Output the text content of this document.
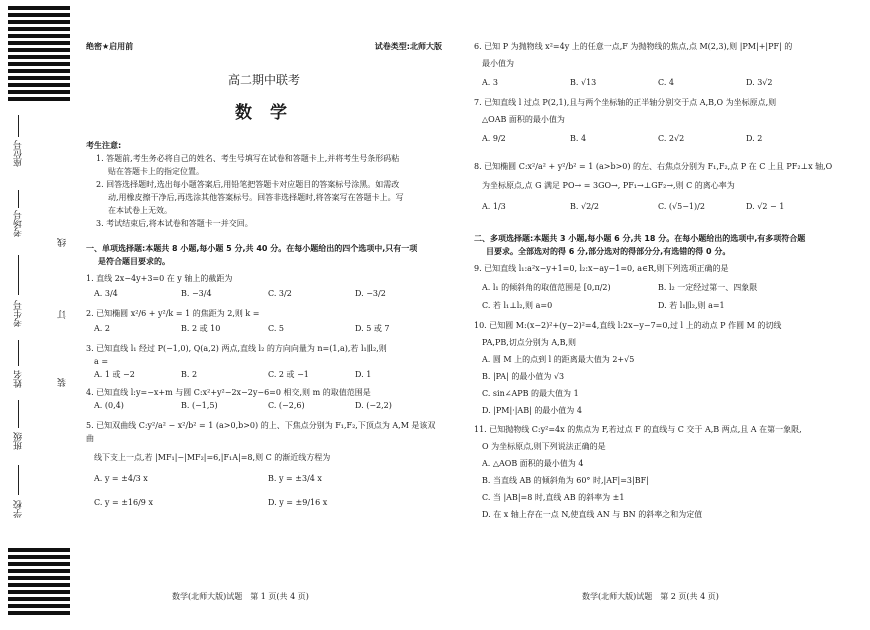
座位号
考场号
考生号
姓名
班级
学校
线
订
装
绝密★启用前	试卷类型:北师大版
高二期中联考
数 学
考生注意:
1. 答题前,考生务必将自己的姓名、考生号填写在试卷和答题卡上,并将考生号条形码粘
贴在答题卡上的指定位置。
2. 回答选择题时,选出每小题答案后,用铅笔把答题卡对应题目的答案标号涂黑。如需改
动,用橡皮擦干净后,再选涂其他答案标号。回答非选择题时,将答案写在答题卡上。写
在本试卷上无效。
3. 考试结束后,将本试卷和答题卡一并交回。
一、单项选择题:本题共 8 小题,每小题 5 分,共 40 分。在每小题给出的四个选项中,只有一项
是符合题目要求的。
1. 直线 2x−4y+3=0 在 y 轴上的截距为
A. 3/4	B. −3/4	C. 3/2	D. −3/2
2. 已知椭圆 x²/6 + y²/k = 1 的焦距为 2,则 k =
A. 2	B. 2 或 10	C. 5	D. 5 或 7
3. 已知直线 l₁ 经过 P(−1,0), Q(a,2) 两点,直线 l₂ 的方向向量为 n=(1,a),若 l₁∥l₂,则
a =
A. 1 或 −2	B. 2	C. 2 或 −1	D. 1
4. 已知直线 l:y=−x+m 与圆 C:x²+y²−2x−2y−6=0 相交,则 m 的取值范围是
A. (0,4)	B. (−1,5)	C. (−2,6)	D. (−2,2)
5. 已知双曲线 C:y²/a² − x²/b² = 1 (a>0,b>0) 的上、下焦点分别为 F₁,F₂,下顶点为 A,M 是该双曲
线下支上一点,若 |MF₁|−|MF₂|=6,|F₁A|=8,则 C 的渐近线方程为
A. y = ±4/3 x	B. y = ±3/4 x
C. y = ±16/9 x	D. y = ±9/16 x
数学(北师大版)试题　第 1 页(共 4 页)
6. 已知 P 为抛物线 x²=4y 上的任意一点,F 为抛物线的焦点,点 M(2,3),则 |PM|+|PF| 的
最小值为
A. 3	B. √13	C. 4	D. 3√2
7. 已知直线 l 过点 P(2,1),且与两个坐标轴的正半轴分别交于点 A,B,O 为坐标原点,则
△OAB 面积的最小值为
A. 9/2	B. 4	C. 2√2	D. 2
8. 已知椭圆 C:x²/a² + y²/b² = 1 (a>b>0) 的左、右焦点分别为 F₁,F₂,点 P 在 C 上且 PF₂⊥x 轴,O
为坐标原点,点 G 满足 PO→ = 3GO→, PF₁→⊥GF₂→,则 C 的离心率为
A. 1/3	B. √2/2	C. (√5−1)/2	D. √2 − 1
二、多项选择题:本题共 3 小题,每小题 6 分,共 18 分。在每小题给出的选项中,有多项符合题
目要求。全部选对的得 6 分,部分选对的得部分分,有选错的得 0 分。
9. 已知直线 l₁:a²x−y+1=0, l₂:x−ay−1=0, a∈R,则下列选项正确的是
A. l₁ 的倾斜角的取值范围是 [0,π/2)	B. l₂ 一定经过第一、四象限
C. 若 l₁⊥l₂,则 a=0	D. 若 l₁∥l₂,则 a=1
10. 已知圆 M:(x−2)²+(y−2)²=4,直线 l:2x−y−7=0,过 l 上的动点 P 作圆 M 的切线
PA,PB,切点分别为 A,B,则
A. 圆 M 上的点到 l 的距离最大值为 2+√5
B. |PA| 的最小值为 √3
C. sin∠APB 的最大值为 1
D. |PM|·|AB| 的最小值为 4
11. 已知抛物线 C:y²=4x 的焦点为 F,若过点 F 的直线与 C 交于 A,B 两点,且 A 在第一象限,
O 为坐标原点,则下列说法正确的是
A. △AOB 面积的最小值为 4
B. 当直线 AB 的倾斜角为 60° 时,|AF|=3|BF|
C. 当 |AB|=8 时,直线 AB 的斜率为 ±1
D. 在 x 轴上存在一点 N,使直线 AN 与 BN 的斜率之和为定值
数学(北师大版)试题　第 2 页(共 4 页)
